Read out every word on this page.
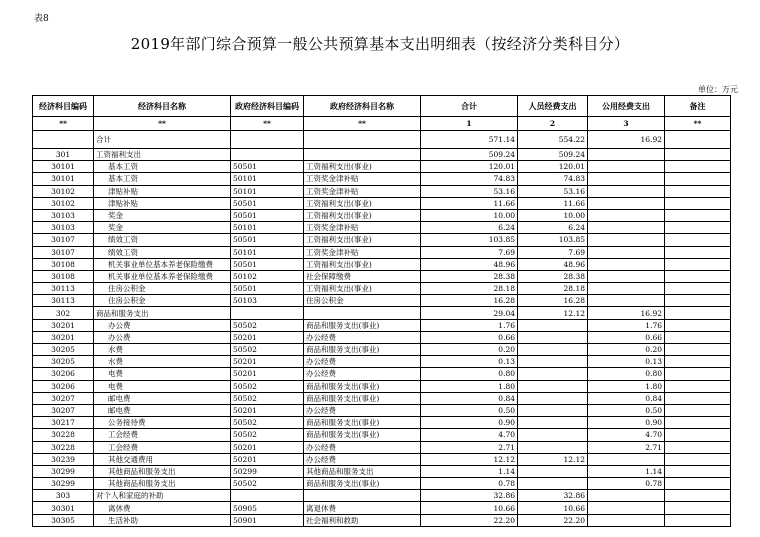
表8
2019年部门综合预算一般公共预算基本支出明细表（按经济分类科目分）
单位：万元
经济科目编码	经济科目名称	政府经济科目编码	政府经济科目名称	合计	人员经费支出	公用经费支出	备注
**	**	**	**	1	2	3	**
	合计			571.14	554.22	16.92	
301	工资福利支出			509.24	509.24		
30101	基本工资	50501	工资福利支出(事业)	120.01	120.01		
30101	基本工资	50101	工资奖金津补贴	74.83	74.83		
30102	津贴补贴	50101	工资奖金津补贴	53.16	53.16		
30102	津贴补贴	50501	工资福利支出(事业)	11.66	11.66		
30103	奖金	50501	工资福利支出(事业)	10.00	10.00		
30103	奖金	50101	工资奖金津补贴	6.24	6.24		
30107	绩效工资	50501	工资福利支出(事业)	103.85	103.85		
30107	绩效工资	50101	工资奖金津补贴	7.69	7.69		
30108	机关事业单位基本养老保险缴费	50501	工资福利支出(事业)	48.96	48.96		
30108	机关事业单位基本养老保险缴费	50102	社会保障缴费	28.38	28.38		
30113	住房公积金	50501	工资福利支出(事业)	28.18	28.18		
30113	住房公积金	50103	住房公积金	16.28	16.28		
302	商品和服务支出			29.04	12.12	16.92	
30201	办公费	50502	商品和服务支出(事业)	1.76		1.76	
30201	办公费	50201	办公经费	0.66		0.66	
30205	水费	50502	商品和服务支出(事业)	0.20		0.20	
30205	水费	50201	办公经费	0.13		0.13	
30206	电费	50201	办公经费	0.80		0.80	
30206	电费	50502	商品和服务支出(事业)	1.80		1.80	
30207	邮电费	50502	商品和服务支出(事业)	0.84		0.84	
30207	邮电费	50201	办公经费	0.50		0.50	
30217	公务接待费	50502	商品和服务支出(事业)	0.90		0.90	
30228	工会经费	50502	商品和服务支出(事业)	4.70		4.70	
30228	工会经费	50201	办公经费	2.71		2.71	
30239	其他交通费用	50201	办公经费	12.12	12.12		
30299	其他商品和服务支出	50299	其他商品和服务支出	1.14		1.14	
30299	其他商品和服务支出	50502	商品和服务支出(事业)	0.78		0.78	
303	对个人和家庭的补助			32.86	32.86		
30301	离休费	50905	离退休费	10.66	10.66		
30305	生活补助	50901	社会福利和救助	22.20	22.20		
